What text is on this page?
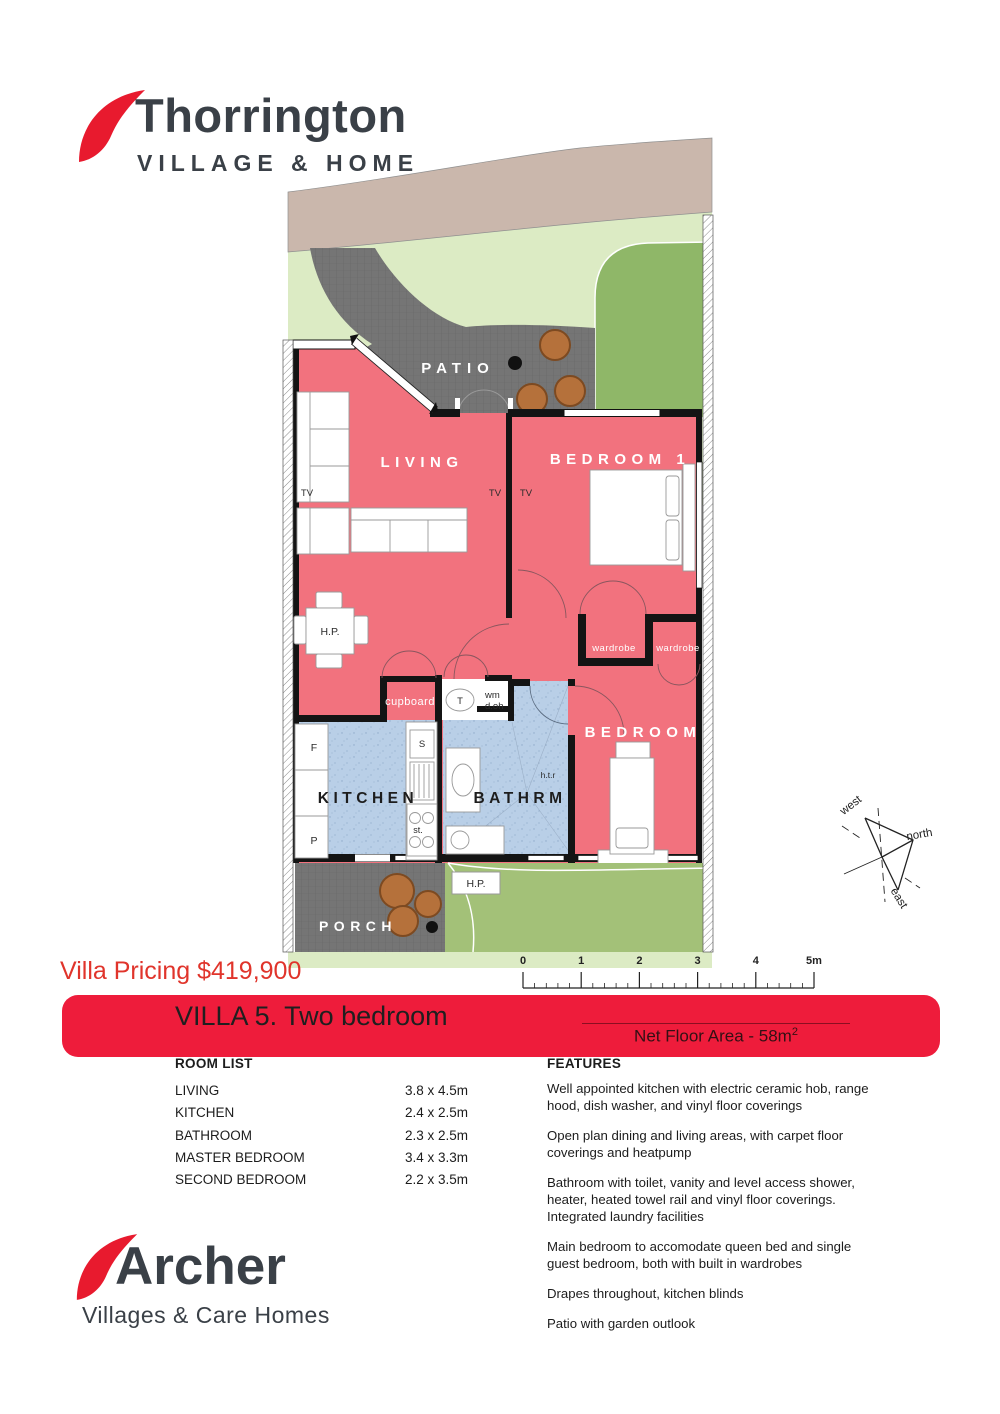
Thorrington
VILLAGE & HOME
PATIO
LIVING	BEDROOM 1
BEDROOM
KITCHEN	BATHRM
PORCH
cupboard
wardrobe wardrobe
TV	TV TV
H.P.
F
P
S
st.
T
wm
d.oh
h.t.r
H.P.
west
north
east
Villa Pricing $419,900	0	1	2	3	4	5m
VILLA 5. Two bedroom
Net Floor Area - $58m^2$
ROOM LIST
LIVING	3.8 x 4.5m
KITCHEN	2.4 x 2.5m
BATHROOM	2.3 x 2.5m
MASTER BEDROOM	3.4 x 3.3m
SECOND BEDROOM	2.2 x 3.5m
FEATURES

Well appointed kitchen with electric ceramic hob, range hood, dish washer, and vinyl floor coverings

Open plan dining and living areas, with carpet floor coverings and heatpump

Bathroom with toilet, vanity and level access shower, heater, heated towel rail and vinyl floor coverings. Integrated laundry facilities

Main bedroom to accomodate queen bed and single guest bedroom, both with built in wardrobes

Drapes throughout, kitchen blinds

Patio with garden outlook

Archer
Villages & Care Homes
